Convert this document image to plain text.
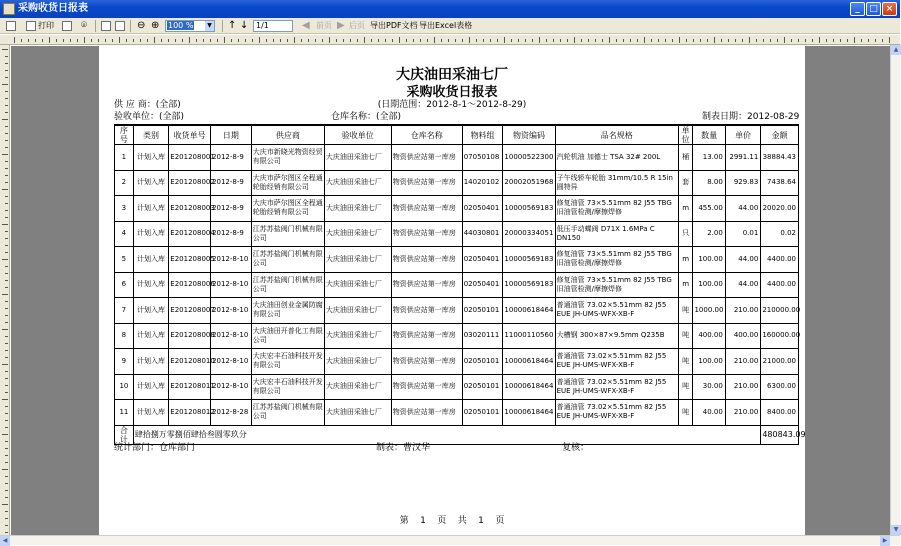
采购收货日报表	_	□ ×
打印	⌾	⊖ ⊕	100 %	▼ ↑ ↓ 1/1	◀ 前页 ▶ 后页 导出PDF文档 导出Excel表格
大庆油田采油七厂
采购收货日报表
(日期范围：2012-8-1～2012-8-29)
供 应 商：(全部)
验收单位：(全部)	仓库名称：(全部)	制表日期：2012-08-29
序号	类别	收货单号	日期	供应商	验收单位	仓库名称	物料组	物资编码	品名规格	单位	数量	单价	金额
1	计划入库	E201208001	2012-8-9	大庆市新晓光物资经贸有限公司	大庆油田采油七厂	物资供应站第一库房	07050108	10000522300	汽轮机油 加德士 TSA 32# 200L	桶	13.00	2991.11	38884.43
2	计划入库	E201208002	2012-8-9	大庆市萨尔图区全程通轮胎经销有限公司	大庆油田采油七厂	物资供应站第一库房	14020102	20002051968	子午线轿车轮胎 31mm/10.5 R 15in 圆特异	套	8.00	929.83	7438.64
3	计划入库	E201208003	2012-8-9	大庆市萨尔图区全程通轮胎经销有限公司	大庆油田采油七厂	物资供应站第一库房	02050401	10000569183	修复油管 73×5.51mm 82 J55 TBG 旧油管检测/摩擦焊修	m	455.00	44.00	20020.00
4	计划入库	E201208004	2012-8-9	江苏苏盐阀门机械有限公司	大庆油田采油七厂	物资供应站第一库房	44030801	20000334051	低压手动蝶阀 D71X 1.6MPa C DN150	只	2.00	0.01	0.02
5	计划入库	E201208005	2012-8-10	江苏苏盐阀门机械有限公司	大庆油田采油七厂	物资供应站第一库房	02050401	10000569183	修复油管 73×5.51mm 82 J55 TBG 旧油管检测/摩擦焊修	m	100.00	44.00	4400.00
6	计划入库	E201208006	2012-8-10	江苏苏盐阀门机械有限公司	大庆油田采油七厂	物资供应站第一库房	02050401	10000569183	修复油管 73×5.51mm 82 J55 TBG 旧油管检测/摩擦焊修	m	100.00	44.00	4400.00
7	计划入库	E201208007	2012-8-10	大庆油田创业金属防腐有限公司	大庆油田采油七厂	物资供应站第一库房	02050101	10000618464	普通油管 73.02×5.51mm 82 J55 EUE JH-UMS-WFX-XB-F	吨	1000.00	210.00	210000.00
8	计划入库	E201208008	2012-8-10	大庆油田开普化工有限公司	大庆油田采油七厂	物资供应站第一库房	03020111	11000110560	大槽钢 300×87×9.5mm Q235B	吨	400.00	400.00	160000.00
9	计划入库	E201208010	2012-8-10	大庆宏丰石油科技开发有限公司	大庆油田采油七厂	物资供应站第一库房	02050101	10000618464	普通油管 73.02×5.51mm 82 J55 EUE JH-UMS-WFX-XB-F	吨	100.00	210.00	21000.00
10	计划入库	E201208011	2012-8-10	大庆宏丰石油科技开发有限公司	大庆油田采油七厂	物资供应站第一库房	02050101	10000618464	普通油管 73.02×5.51mm 82 J55 EUE JH-UMS-WFX-XB-F	吨	30.00	210.00	6300.00
11	计划入库	E201208012	2012-8-28	江苏苏盐阀门机械有限公司	大庆油田采油七厂	物资供应站第一库房	02050101	10000618464	普通油管 73.02×5.51mm 82 J55 EUE JH-UMS-WFX-XB-F	吨	40.00	210.00	8400.00
合计	肆拾捌万零捌佰肆拾叁圆零玖分												480843.09
统计部门：仓库部门	制表：曹汉华	复核：
第    1    页    共    1    页
▲
▼
◀	▶
